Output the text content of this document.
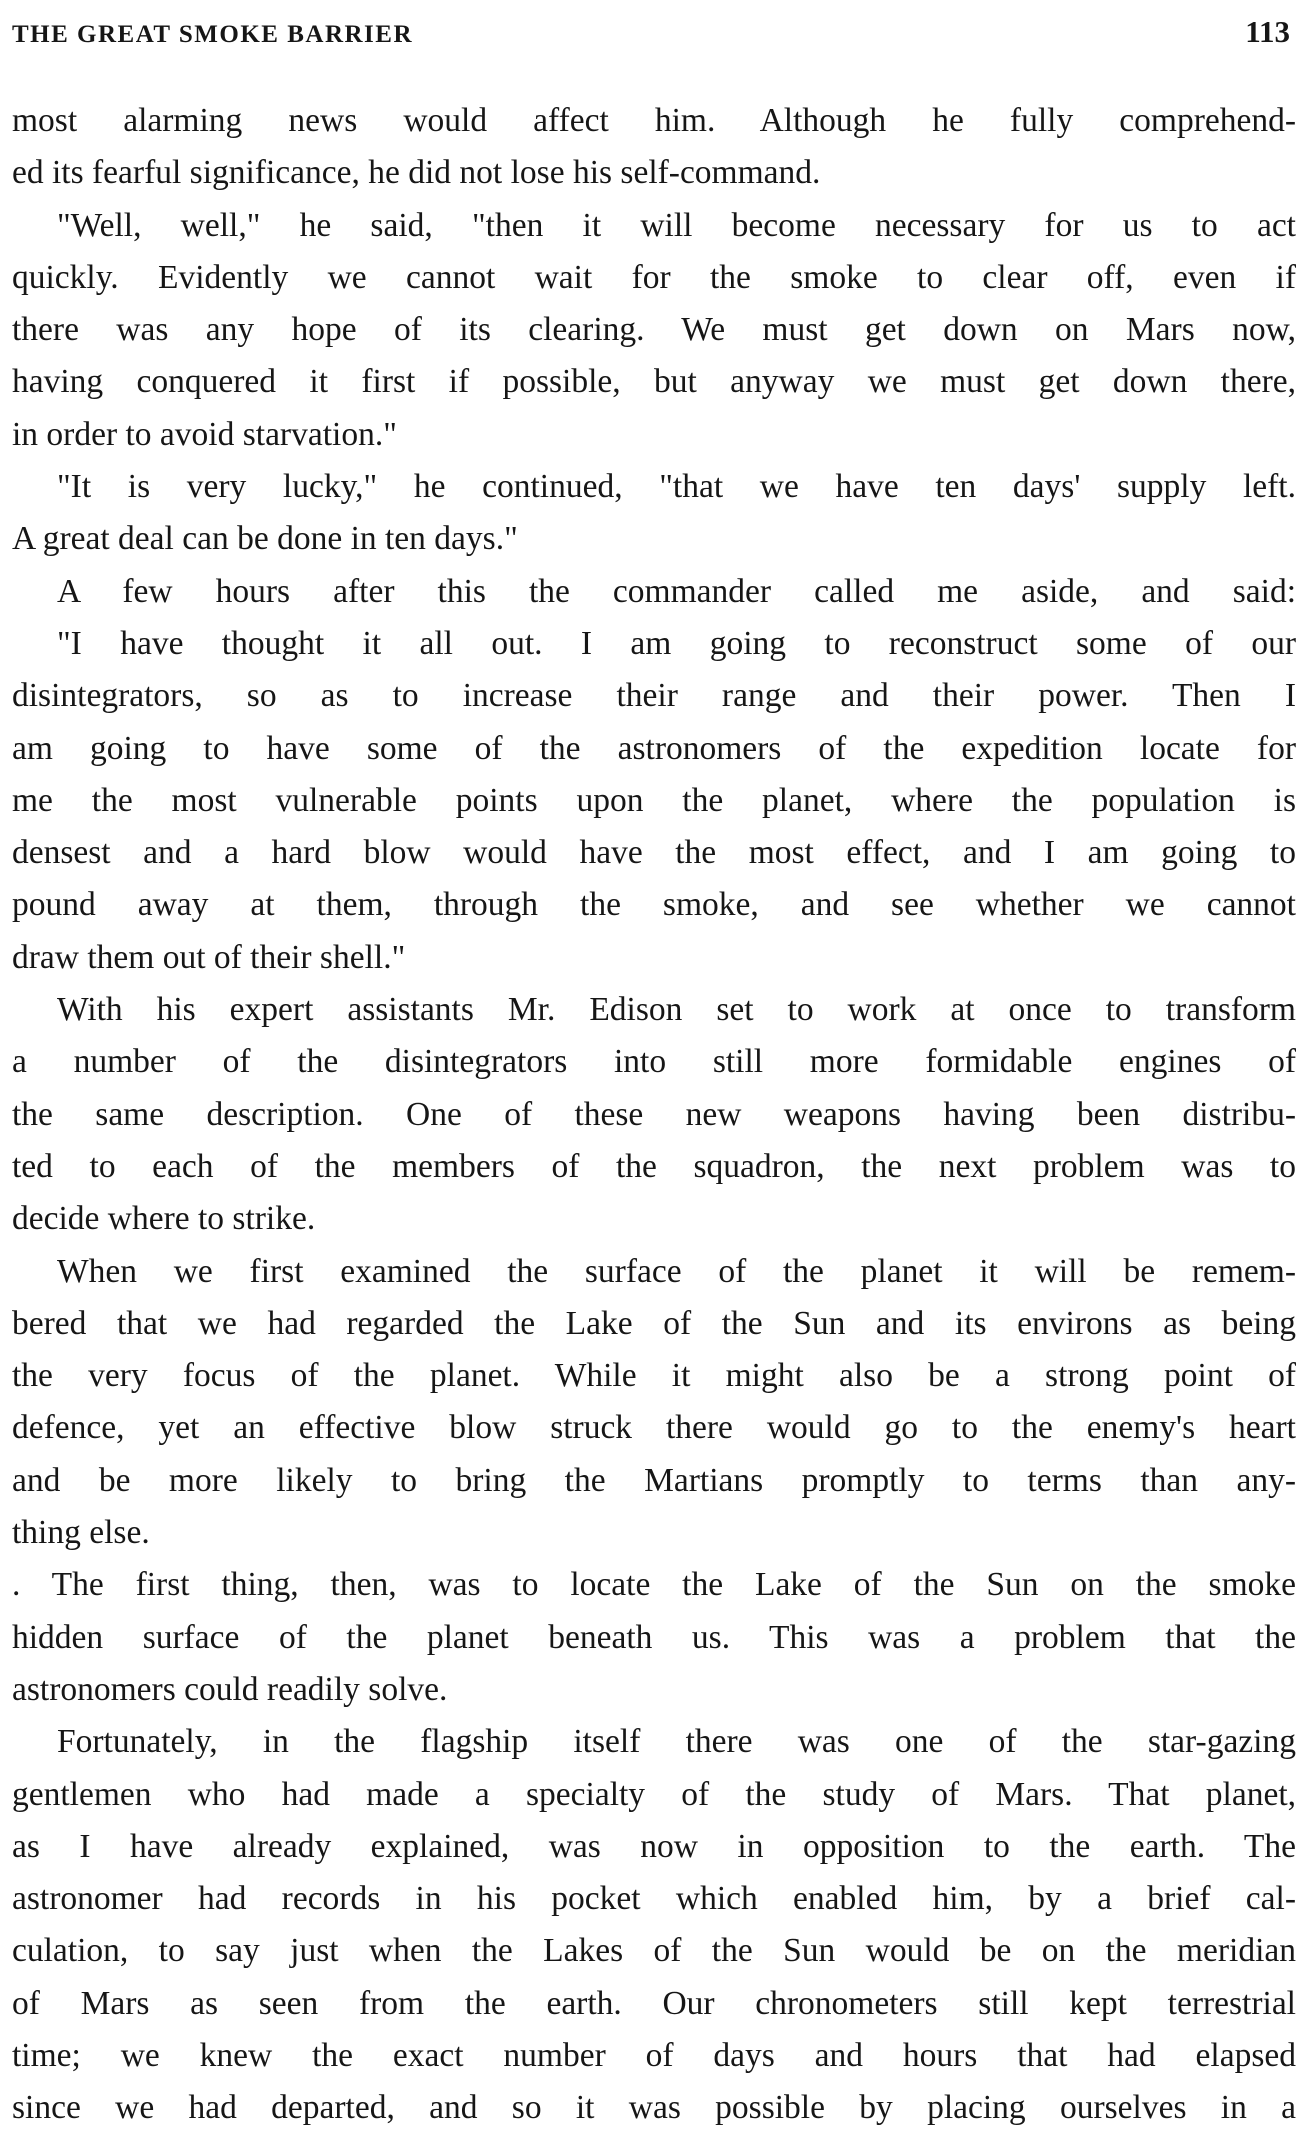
THE GREAT SMOKE BARRIER	113
most alarming news would affect him. Although he fully comprehend-
ed its fearful significance, he did not lose his self-command.
"Well, well," he said, "then it will become necessary for us to act
quickly. Evidently we cannot wait for the smoke to clear off, even if
there was any hope of its clearing. We must get down on Mars now,
having conquered it first if possible, but anyway we must get down there,
in order to avoid starvation."
"It is very lucky," he continued, "that we have ten days' supply left.
A great deal can be done in ten days."
A few hours after this the commander called me aside, and said:
"I have thought it all out. I am going to reconstruct some of our
disintegrators, so as to increase their range and their power. Then I
am going to have some of the astronomers of the expedition locate for
me the most vulnerable points upon the planet, where the population is
densest and a hard blow would have the most effect, and I am going to
pound away at them, through the smoke, and see whether we cannot
draw them out of their shell."
With his expert assistants Mr. Edison set to work at once to transform
a number of the disintegrators into still more formidable engines of
the same description. One of these new weapons having been distribu-
ted to each of the members of the squadron, the next problem was to
decide where to strike.
When we first examined the surface of the planet it will be remem-
bered that we had regarded the Lake of the Sun and its environs as being
the very focus of the planet. While it might also be a strong point of
defence, yet an effective blow struck there would go to the enemy's heart
and be more likely to bring the Martians promptly to terms than any-
thing else.
. The first thing, then, was to locate the Lake of the Sun on the smoke
hidden surface of the planet beneath us. This was a problem that the
astronomers could readily solve.
Fortunately, in the flagship itself there was one of the star-gazing
gentlemen who had made a specialty of the study of Mars. That planet,
as I have already explained, was now in opposition to the earth. The
astronomer had records in his pocket which enabled him, by a brief cal-
culation, to say just when the Lakes of the Sun would be on the meridian
of Mars as seen from the earth. Our chronometers still kept terrestrial
time; we knew the exact number of days and hours that had elapsed
since we had departed, and so it was possible by placing ourselves in a
